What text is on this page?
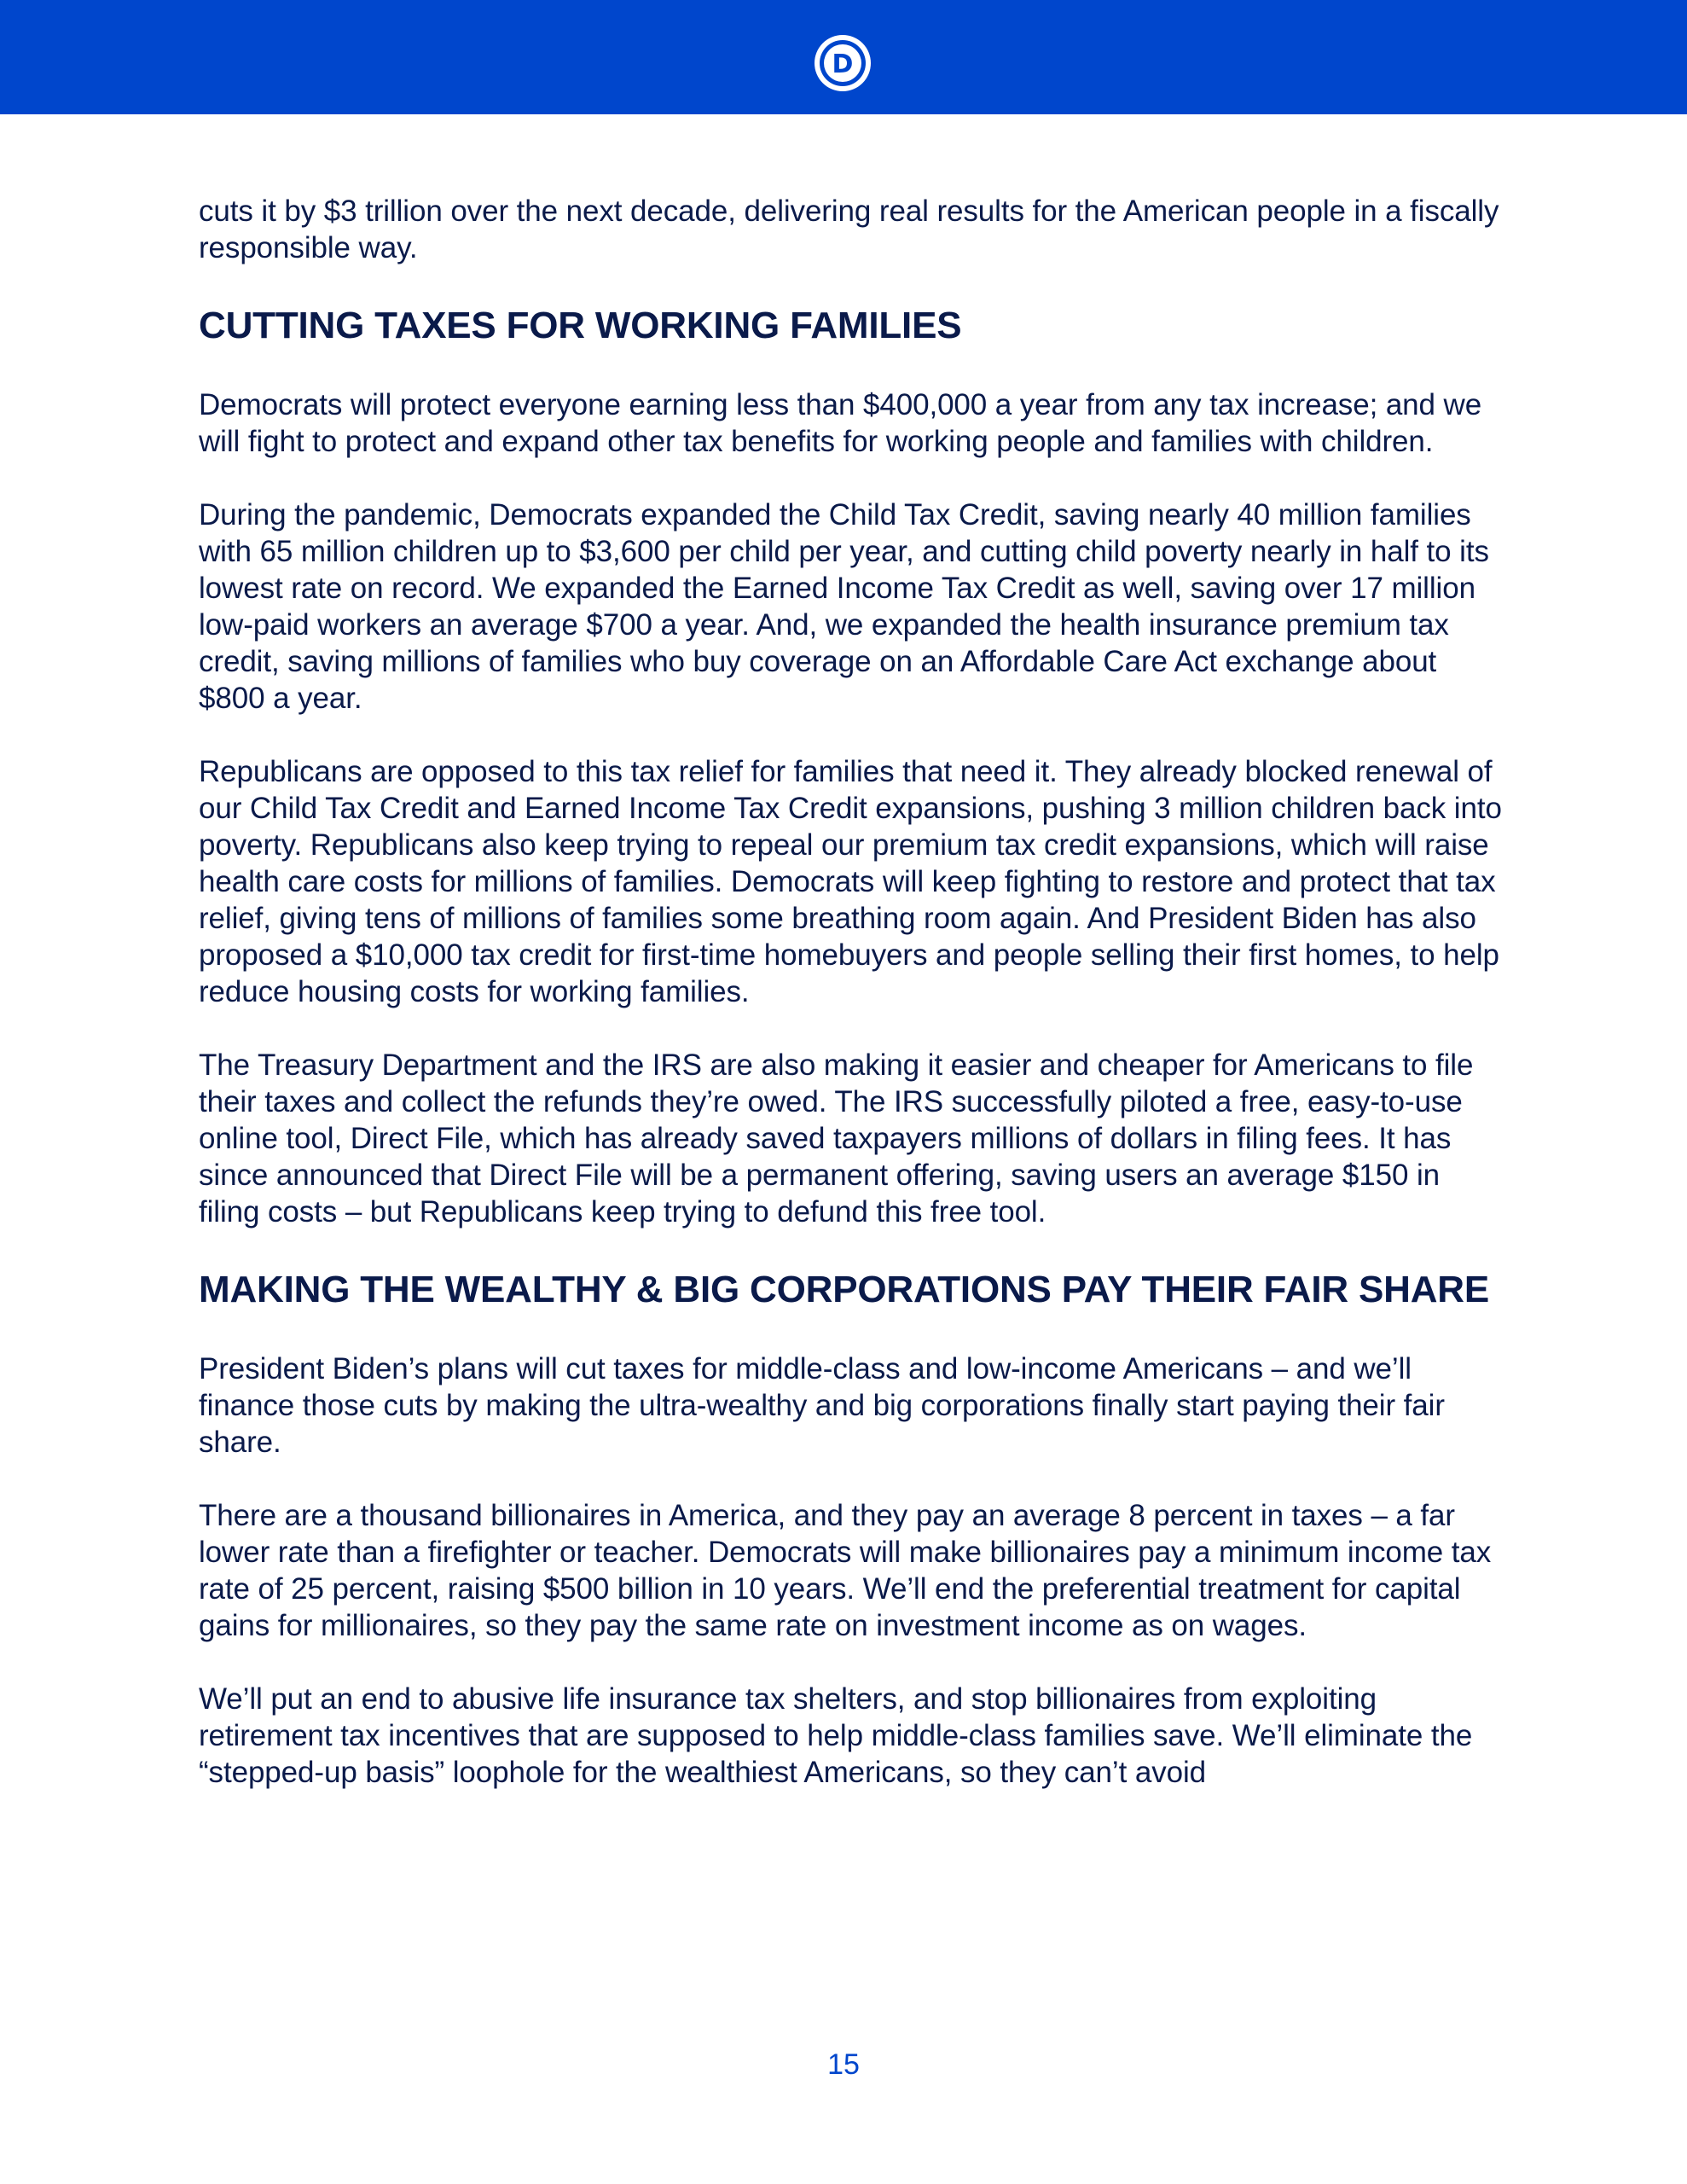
D

cuts it by $3 trillion over the next decade, delivering real results for the American people in a fiscally responsible way.

CUTTING TAXES FOR WORKING FAMILIES

Democrats will protect everyone earning less than $400,000 a year from any tax increase; and we will fight to protect and expand other tax benefits for working people and families with children.

During the pandemic, Democrats expanded the Child Tax Credit, saving nearly 40 million families with 65 million children up to $3,600 per child per year, and cutting child poverty nearly in half to its lowest rate on record. We expanded the Earned Income Tax Credit as well, saving over 17 million low-paid workers an average $700 a year. And, we expanded the health insurance premium tax credit, saving millions of families who buy coverage on an Affordable Care Act exchange about $800 a year.

Republicans are opposed to this tax relief for families that need it. They already blocked renewal of our Child Tax Credit and Earned Income Tax Credit expansions, pushing 3 million children back into poverty. Republicans also keep trying to repeal our premium tax credit expansions, which will raise health care costs for millions of families. Democrats will keep fighting to restore and protect that tax relief, giving tens of millions of families some breathing room again. And President Biden has also proposed a $10,000 tax credit for first-time homebuyers and people selling their first homes, to help reduce housing costs for working families.

The Treasury Department and the IRS are also making it easier and cheaper for Americans to file their taxes and collect the refunds they’re owed. The IRS successfully piloted a free, easy-to-use online tool, Direct File, which has already saved taxpayers millions of dollars in filing fees. It has since announced that Direct File will be a permanent offering, saving users an average $150 in filing costs – but Republicans keep trying to defund this free tool.

MAKING THE WEALTHY & BIG CORPORATIONS PAY THEIR FAIR SHARE

President Biden’s plans will cut taxes for middle-class and low-income Americans – and we’ll finance those cuts by making the ultra-wealthy and big corporations finally start paying their fair share.

There are a thousand billionaires in America, and they pay an average 8 percent in taxes – a far lower rate than a firefighter or teacher. Democrats will make billionaires pay a minimum income tax rate of 25 percent, raising $500 billion in 10 years. We’ll end the preferential treatment for capital gains for millionaires, so they pay the same rate on investment income as on wages.

We’ll put an end to abusive life insurance tax shelters, and stop billionaires from exploiting retirement tax incentives that are supposed to help middle-class families save. We’ll eliminate the “stepped-up basis” loophole for the wealthiest Americans, so they can’t avoid

15
